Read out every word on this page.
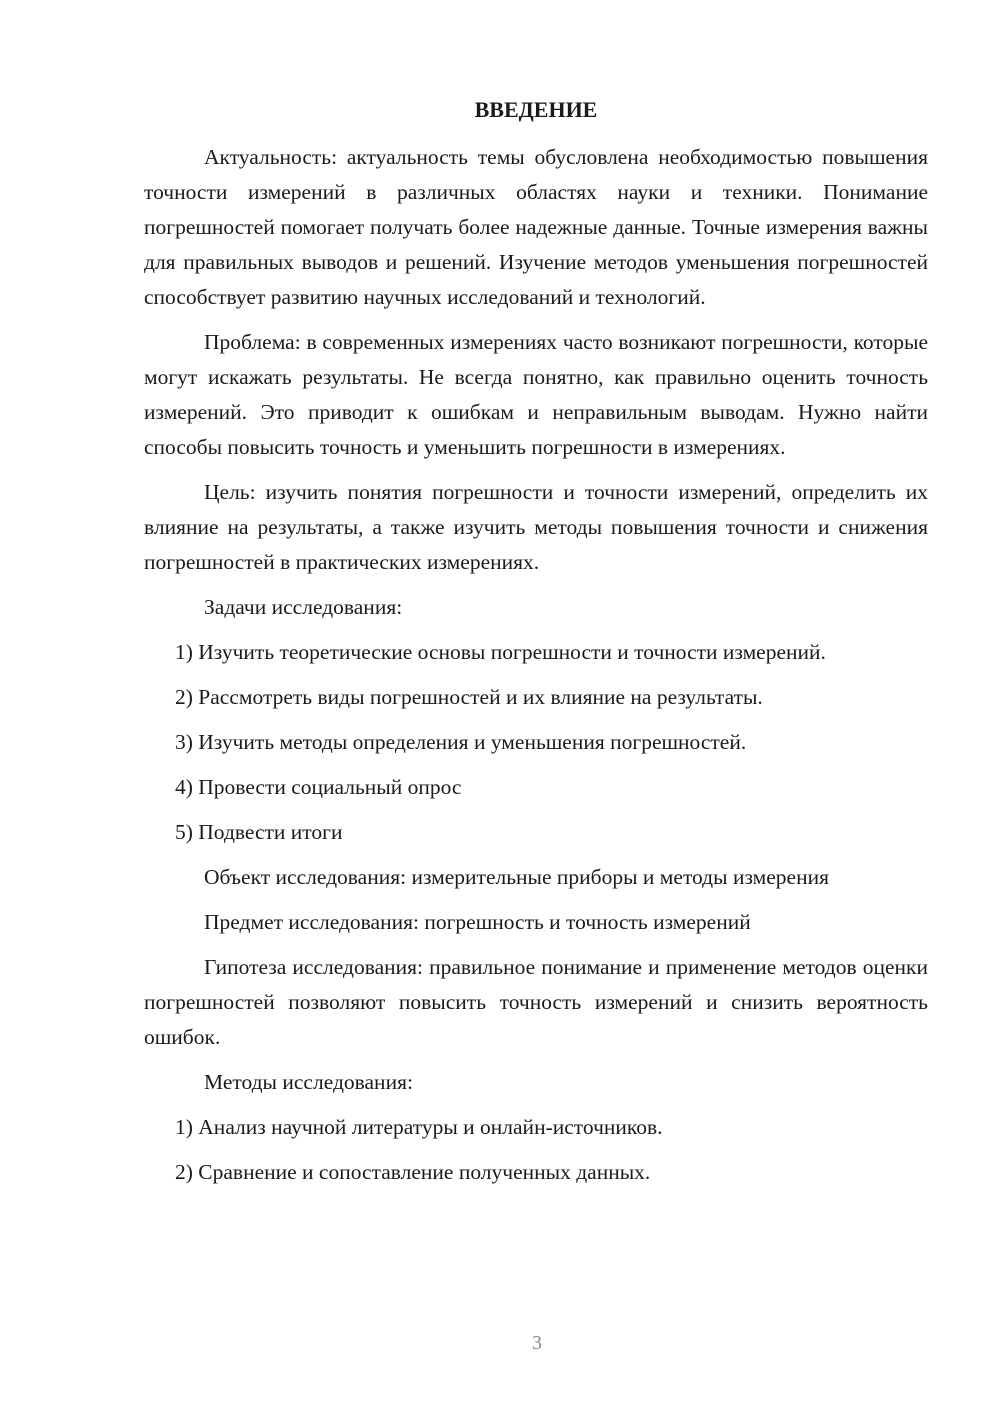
ВВЕДЕНИЕ

Актуальность: актуальность темы обусловлена необходимостью повышения точности измерений в различных областях науки и техники. Понимание погрешностей помогает получать более надежные данные. Точные измерения важны для правильных выводов и решений. Изучение методов уменьшения погрешностей способствует развитию научных исследований и технологий.

Проблема: в современных измерениях часто возникают погрешности, которые могут искажать результаты. Не всегда понятно, как правильно оценить точность измерений. Это приводит к ошибкам и неправильным выводам. Нужно найти способы повысить точность и уменьшить погрешности в измерениях.

Цель: изучить понятия погрешности и точности измерений, определить их влияние на результаты, а также изучить методы повышения точности и снижения погрешностей в практических измерениях.

Задачи исследования:

1) Изучить теоретические основы погрешности и точности измерений.

2) Рассмотреть виды погрешностей и их влияние на результаты.

3) Изучить методы определения и уменьшения погрешностей.

4) Провести социальный опрос

5) Подвести итоги

Объект исследования: измерительные приборы и методы измерения

Предмет исследования: погрешность и точность измерений

Гипотеза исследования: правильное понимание и применение методов оценки погрешностей позволяют повысить точность измерений и снизить вероятность ошибок.

Методы исследования:

1) Анализ научной литературы и онлайн-источников.

2) Сравнение и сопоставление полученных данных.

3
